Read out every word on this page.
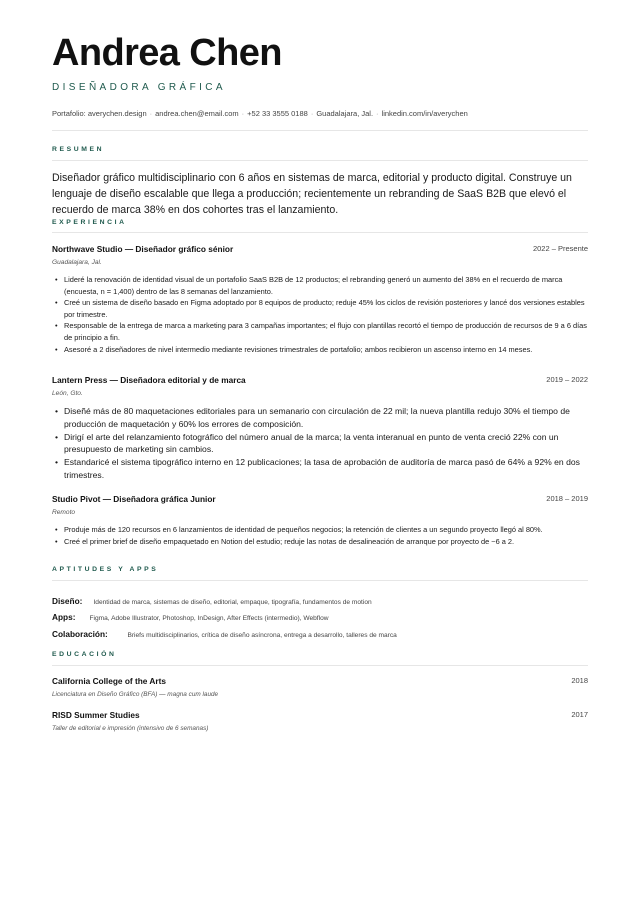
Andrea Chen
DISEÑADORA GRÁFICA
Portafolio: averychen.design · andrea.chen@email.com · +52 33 3555 0188 · Guadalajara, Jal. · linkedin.com/in/averychen
RESUMEN
Diseñador gráfico multidisciplinario con 6 años en sistemas de marca, editorial y producto digital. Construye un lenguaje de diseño escalable que llega a producción; recientemente un rebranding de SaaS B2B que elevó el recuerdo de marca 38% en dos cohortes tras el lanzamiento.
EXPERIENCIA
Northwave Studio — Diseñador gráfico sénior	2022 – Presente
Guadalajara, Jal.
• Lideré la renovación de identidad visual de un portafolio SaaS B2B de 12 productos; el rebranding generó un aumento del 38% en el recuerdo de marca (encuesta, n = 1,400) dentro de las 8 semanas del lanzamiento.
• Creé un sistema de diseño basado en Figma adoptado por 8 equipos de producto; reduje 45% los ciclos de revisión posteriores y lancé dos versiones estables por trimestre.
• Responsable de la entrega de marca a marketing para 3 campañas importantes; el flujo con plantillas recortó el tiempo de producción de recursos de 9 a 6 días de principio a fin.
• Asesoré a 2 diseñadores de nivel intermedio mediante revisiones trimestrales de portafolio; ambos recibieron un ascenso interno en 14 meses.
Lantern Press — Diseñadora editorial y de marca	2019 – 2022
León, Gto.
• Diseñé más de 80 maquetaciones editoriales para un semanario con circulación de 22 mil; la nueva plantilla redujo 30% el tiempo de producción de maquetación y 60% los errores de composición.
• Dirigí el arte del relanzamiento fotográfico del número anual de la marca; la venta interanual en punto de venta creció 22% con un presupuesto de marketing sin cambios.
• Estandaricé el sistema tipográfico interno en 12 publicaciones; la tasa de aprobación de auditoría de marca pasó de 64% a 92% en dos trimestres.
Studio Pivot — Diseñadora gráfica Junior	2018 – 2019
Remoto
• Produje más de 120 recursos en 6 lanzamientos de identidad de pequeños negocios; la retención de clientes a un segundo proyecto llegó al 80%.
• Creé el primer brief de diseño empaquetado en Notion del estudio; reduje las notas de desalineación de arranque por proyecto de ~6 a 2.
APTITUDES Y APPS
Diseño: Identidad de marca, sistemas de diseño, editorial, empaque, tipografía, fundamentos de motion
Apps: Figma, Adobe Illustrator, Photoshop, InDesign, After Effects (intermedio), Webflow
Colaboración:	Briefs multidisciplinarios, crítica de diseño asíncrona, entrega a desarrollo, talleres de marca
EDUCACIÓN
California College of the Arts	2018
Licenciatura en Diseño Gráfico (BFA) — magna cum laude
RISD Summer Studies	2017
Taller de editorial e impresión (intensivo de 6 semanas)
